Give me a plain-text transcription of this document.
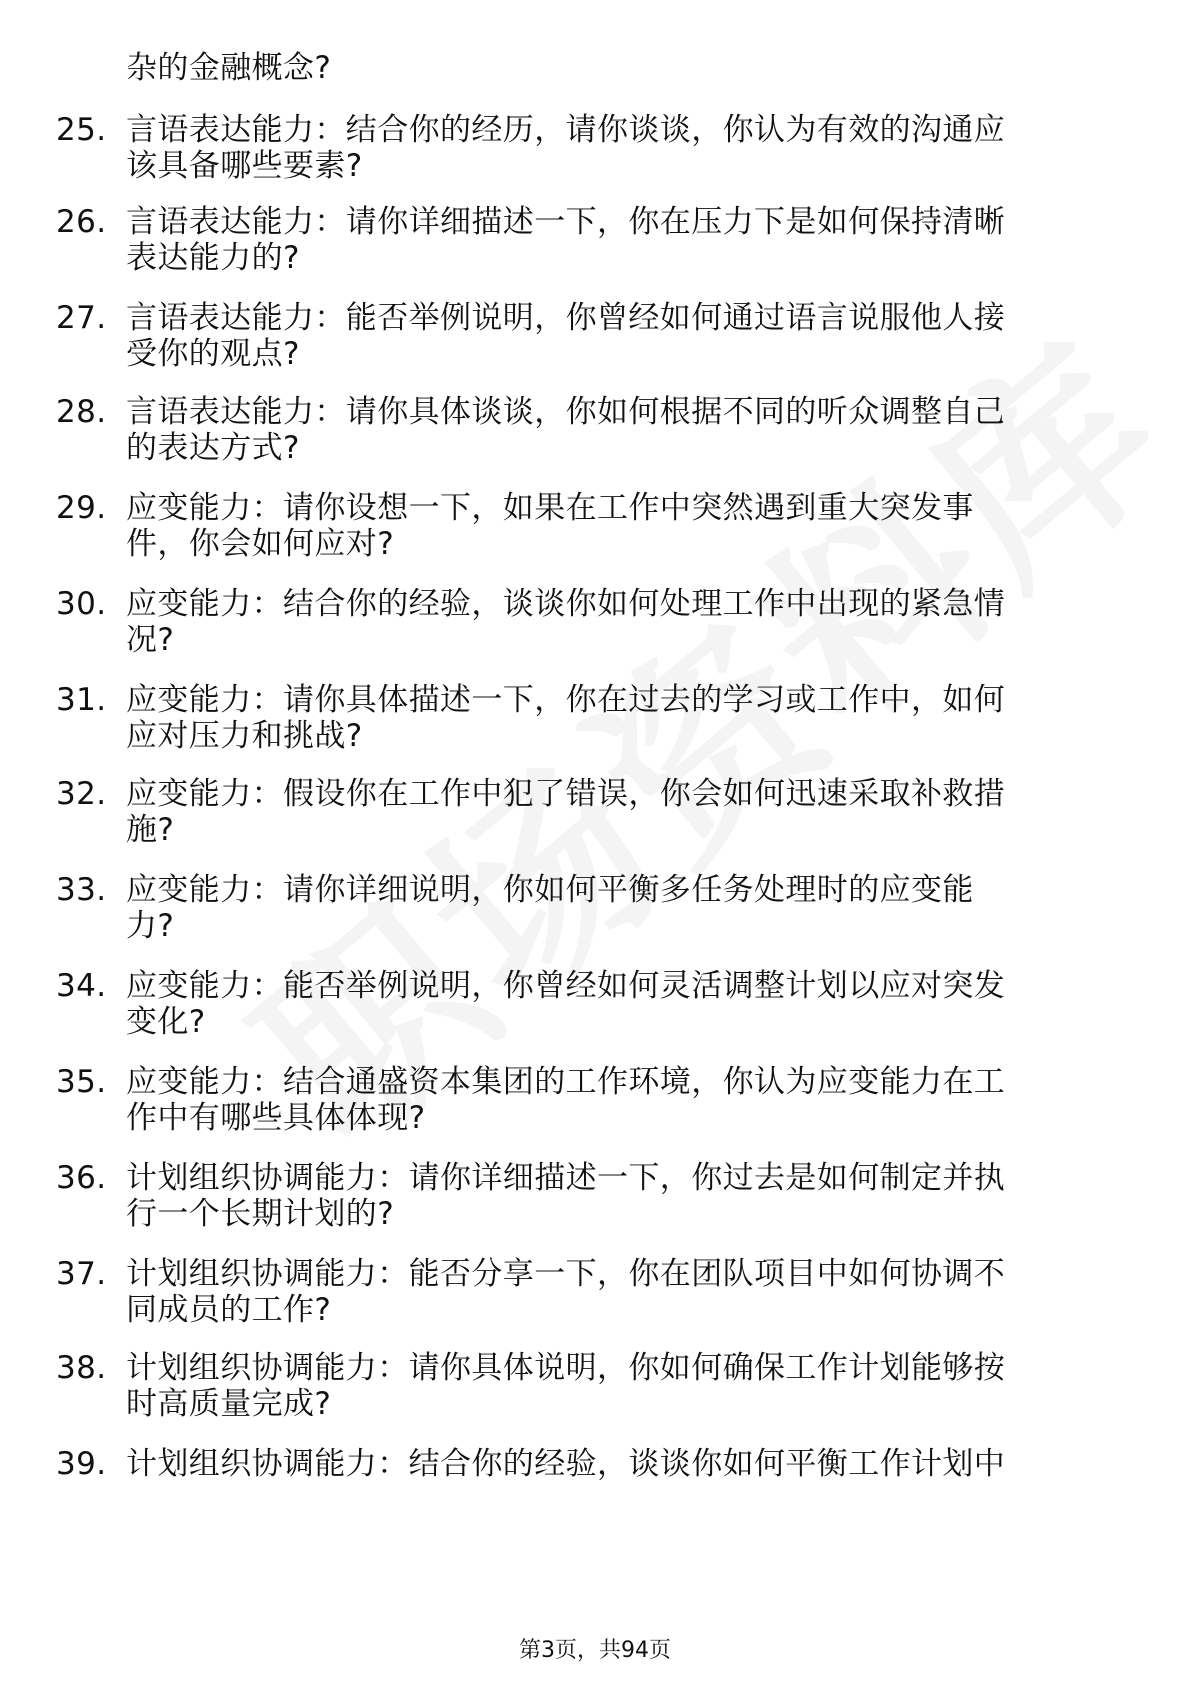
杂的金融概念?
25. 言语表达能力：结合你的经历，请你谈谈，你认为有效的沟通应
该具备哪些要素?
26. 言语表达能力：请你详细描述一下，你在压力下是如何保持清晰
表达能力的?
27. 言语表达能力：能否举例说明，你曾经如何通过语言说服他人接
受你的观点?
28. 言语表达能力：请你具体谈谈，你如何根据不同的听众调整自己
的表达方式?
29. 应变能力：请你设想一下，如果在工作中突然遇到重大突发事
件，你会如何应对?
30. 应变能力：结合你的经验，谈谈你如何处理工作中出现的紧急情
况?
31. 应变能力：请你具体描述一下，你在过去的学习或工作中，如何
应对压力和挑战?
32. 应变能力：假设你在工作中犯了错误，你会如何迅速采取补救措
施?
33. 应变能力：请你详细说明，你如何平衡多任务处理时的应变能
力?
34. 应变能力：能否举例说明，你曾经如何灵活调整计划以应对突发
变化?
35. 应变能力：结合通盛资本集团的工作环境，你认为应变能力在工
作中有哪些具体体现?
36. 计划组织协调能力：请你详细描述一下，你过去是如何制定并执
行一个长期计划的?
37. 计划组织协调能力：能否分享一下，你在团队项目中如何协调不
同成员的工作?
38. 计划组织协调能力：请你具体说明，你如何确保工作计划能够按
时高质量完成?
39. 计划组织协调能力：结合你的经验，谈谈你如何平衡工作计划中
第3页，共94页
